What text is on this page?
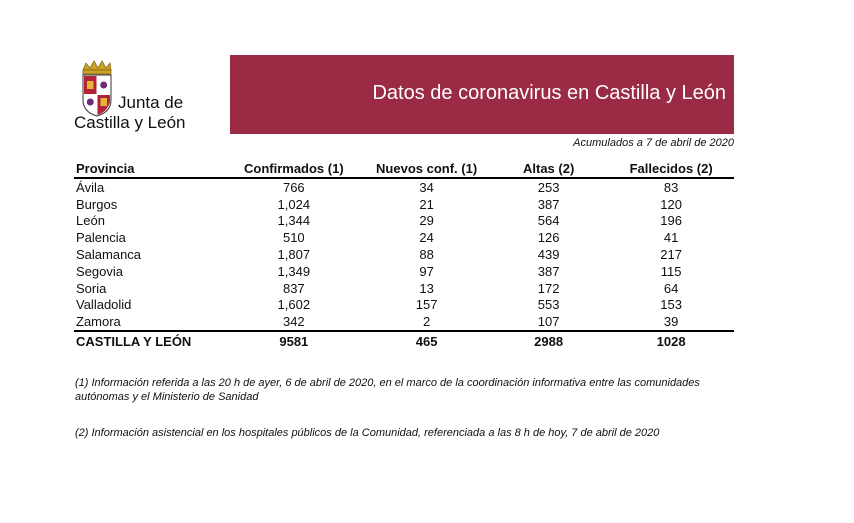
Junta de
Castilla y León
Datos de coronavirus en Castilla y León
Acumulados a 7 de abril de 2020
Provincia	Confirmados (1)	Nuevos conf. (1)	Altas (2)	Fallecidos (2)
Ávila	766	34	253	83
Burgos	1,024	21	387	120
León	1,344	29	564	196
Palencia	510	24	126	41
Salamanca	1,807	88	439	217
Segovia	1,349	97	387	115
Soria	837	13	172	64
Valladolid	1,602	157	553	153
Zamora	342	2	107	39
CASTILLA Y LEÓN	9581	465	2988	1028
(1) Información referida a las 20 h de ayer, 6 de abril de 2020, en el marco de la coordinación informativa entre las comunidades autónomas y el Ministerio de Sanidad
(2) Información asistencial en los hospitales públicos de la Comunidad, referenciada a las 8 h de hoy, 7 de abril de 2020
